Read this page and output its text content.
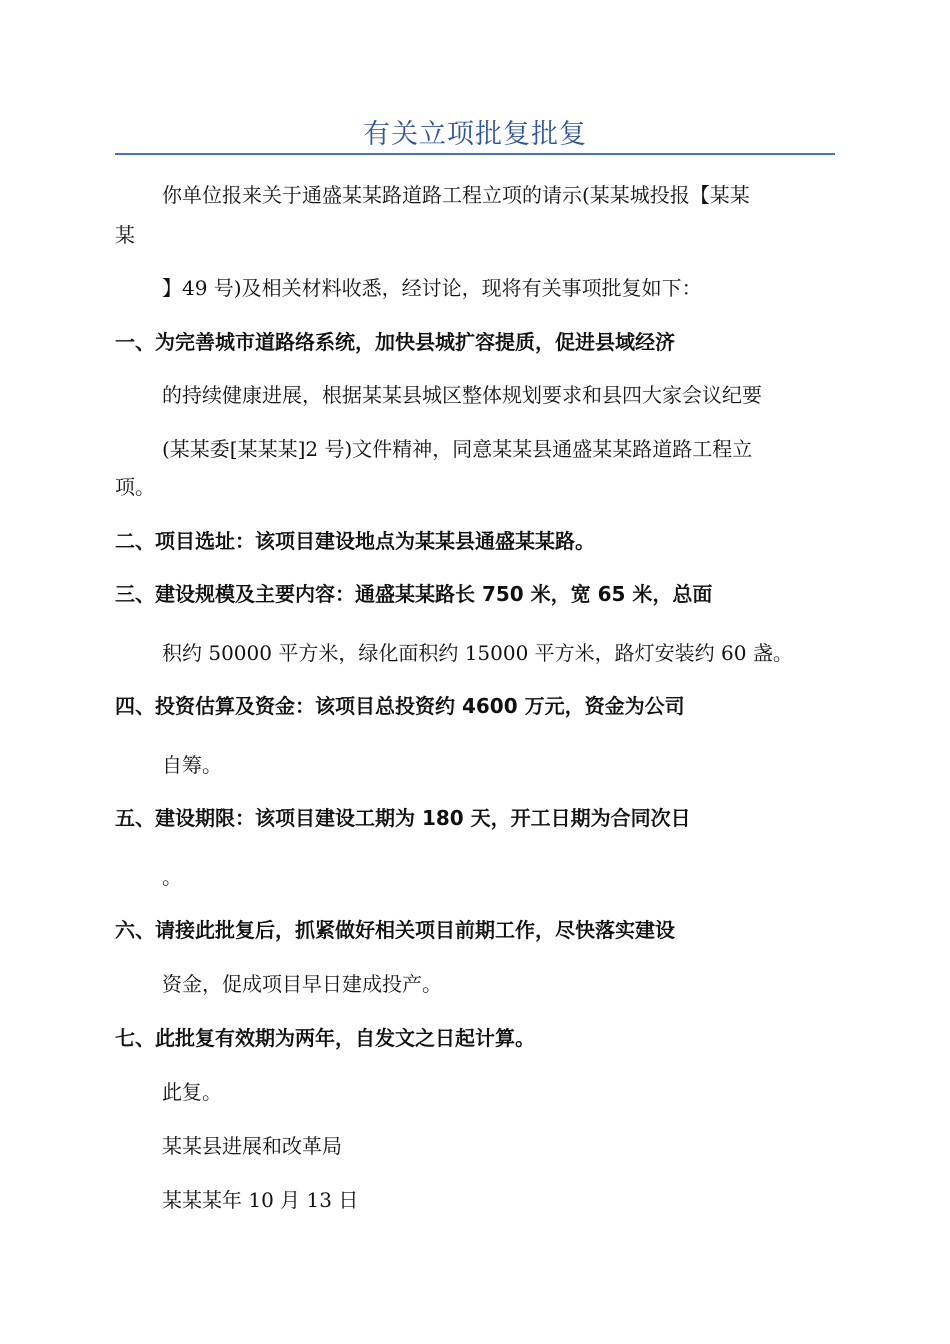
有关立项批复批复
你单位报来关于通盛某某路道路工程立项的请示(某某城投报【某某
某
】49 号)及相关材料收悉，经讨论，现将有关事项批复如下：
一、为完善城市道路络系统，加快县城扩容提质，促进县域经济
的持续健康进展，根据某某县城区整体规划要求和县四大家会议纪要
(某某委[某某某]2 号)文件精神，同意某某县通盛某某路道路工程立
项。
二、项目选址：该项目建设地点为某某县通盛某某路。
三、建设规模及主要内容：通盛某某路长 750 米，宽 65 米，总面
积约 50000 平方米，绿化面积约 15000 平方米，路灯安装约 60 盏。
四、投资估算及资金：该项目总投资约 4600 万元，资金为公司
自筹。
五、建设期限：该项目建设工期为 180 天，开工日期为合同次日
。
六、请接此批复后，抓紧做好相关项目前期工作，尽快落实建设
资金，促成项目早日建成投产。
七、此批复有效期为两年，自发文之日起计算。
此复。
某某县进展和改革局
某某某年 10 月 13 日
